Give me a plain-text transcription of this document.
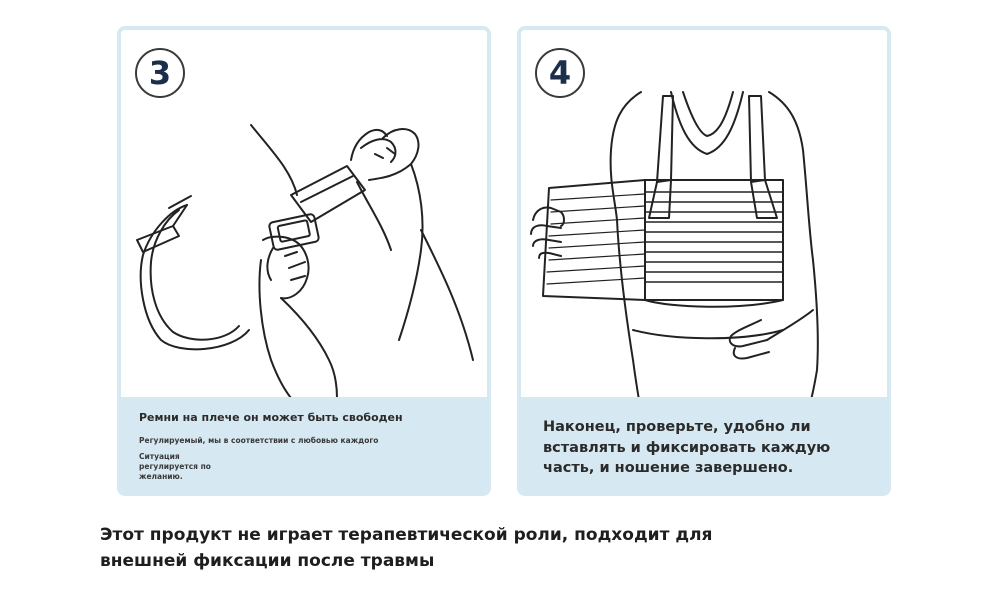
3

Ремни на плече он может быть свободен

Регулируемый, мы в соответствии с любовью каждого

Ситуация регулируется по желанию.

4

Наконец, проверьте, удобно ли

вставлять и фиксировать каждую

часть, и ношение завершено.

Этот продукт не играет терапевтической роли, подходит для
внешней фиксации после травмы
